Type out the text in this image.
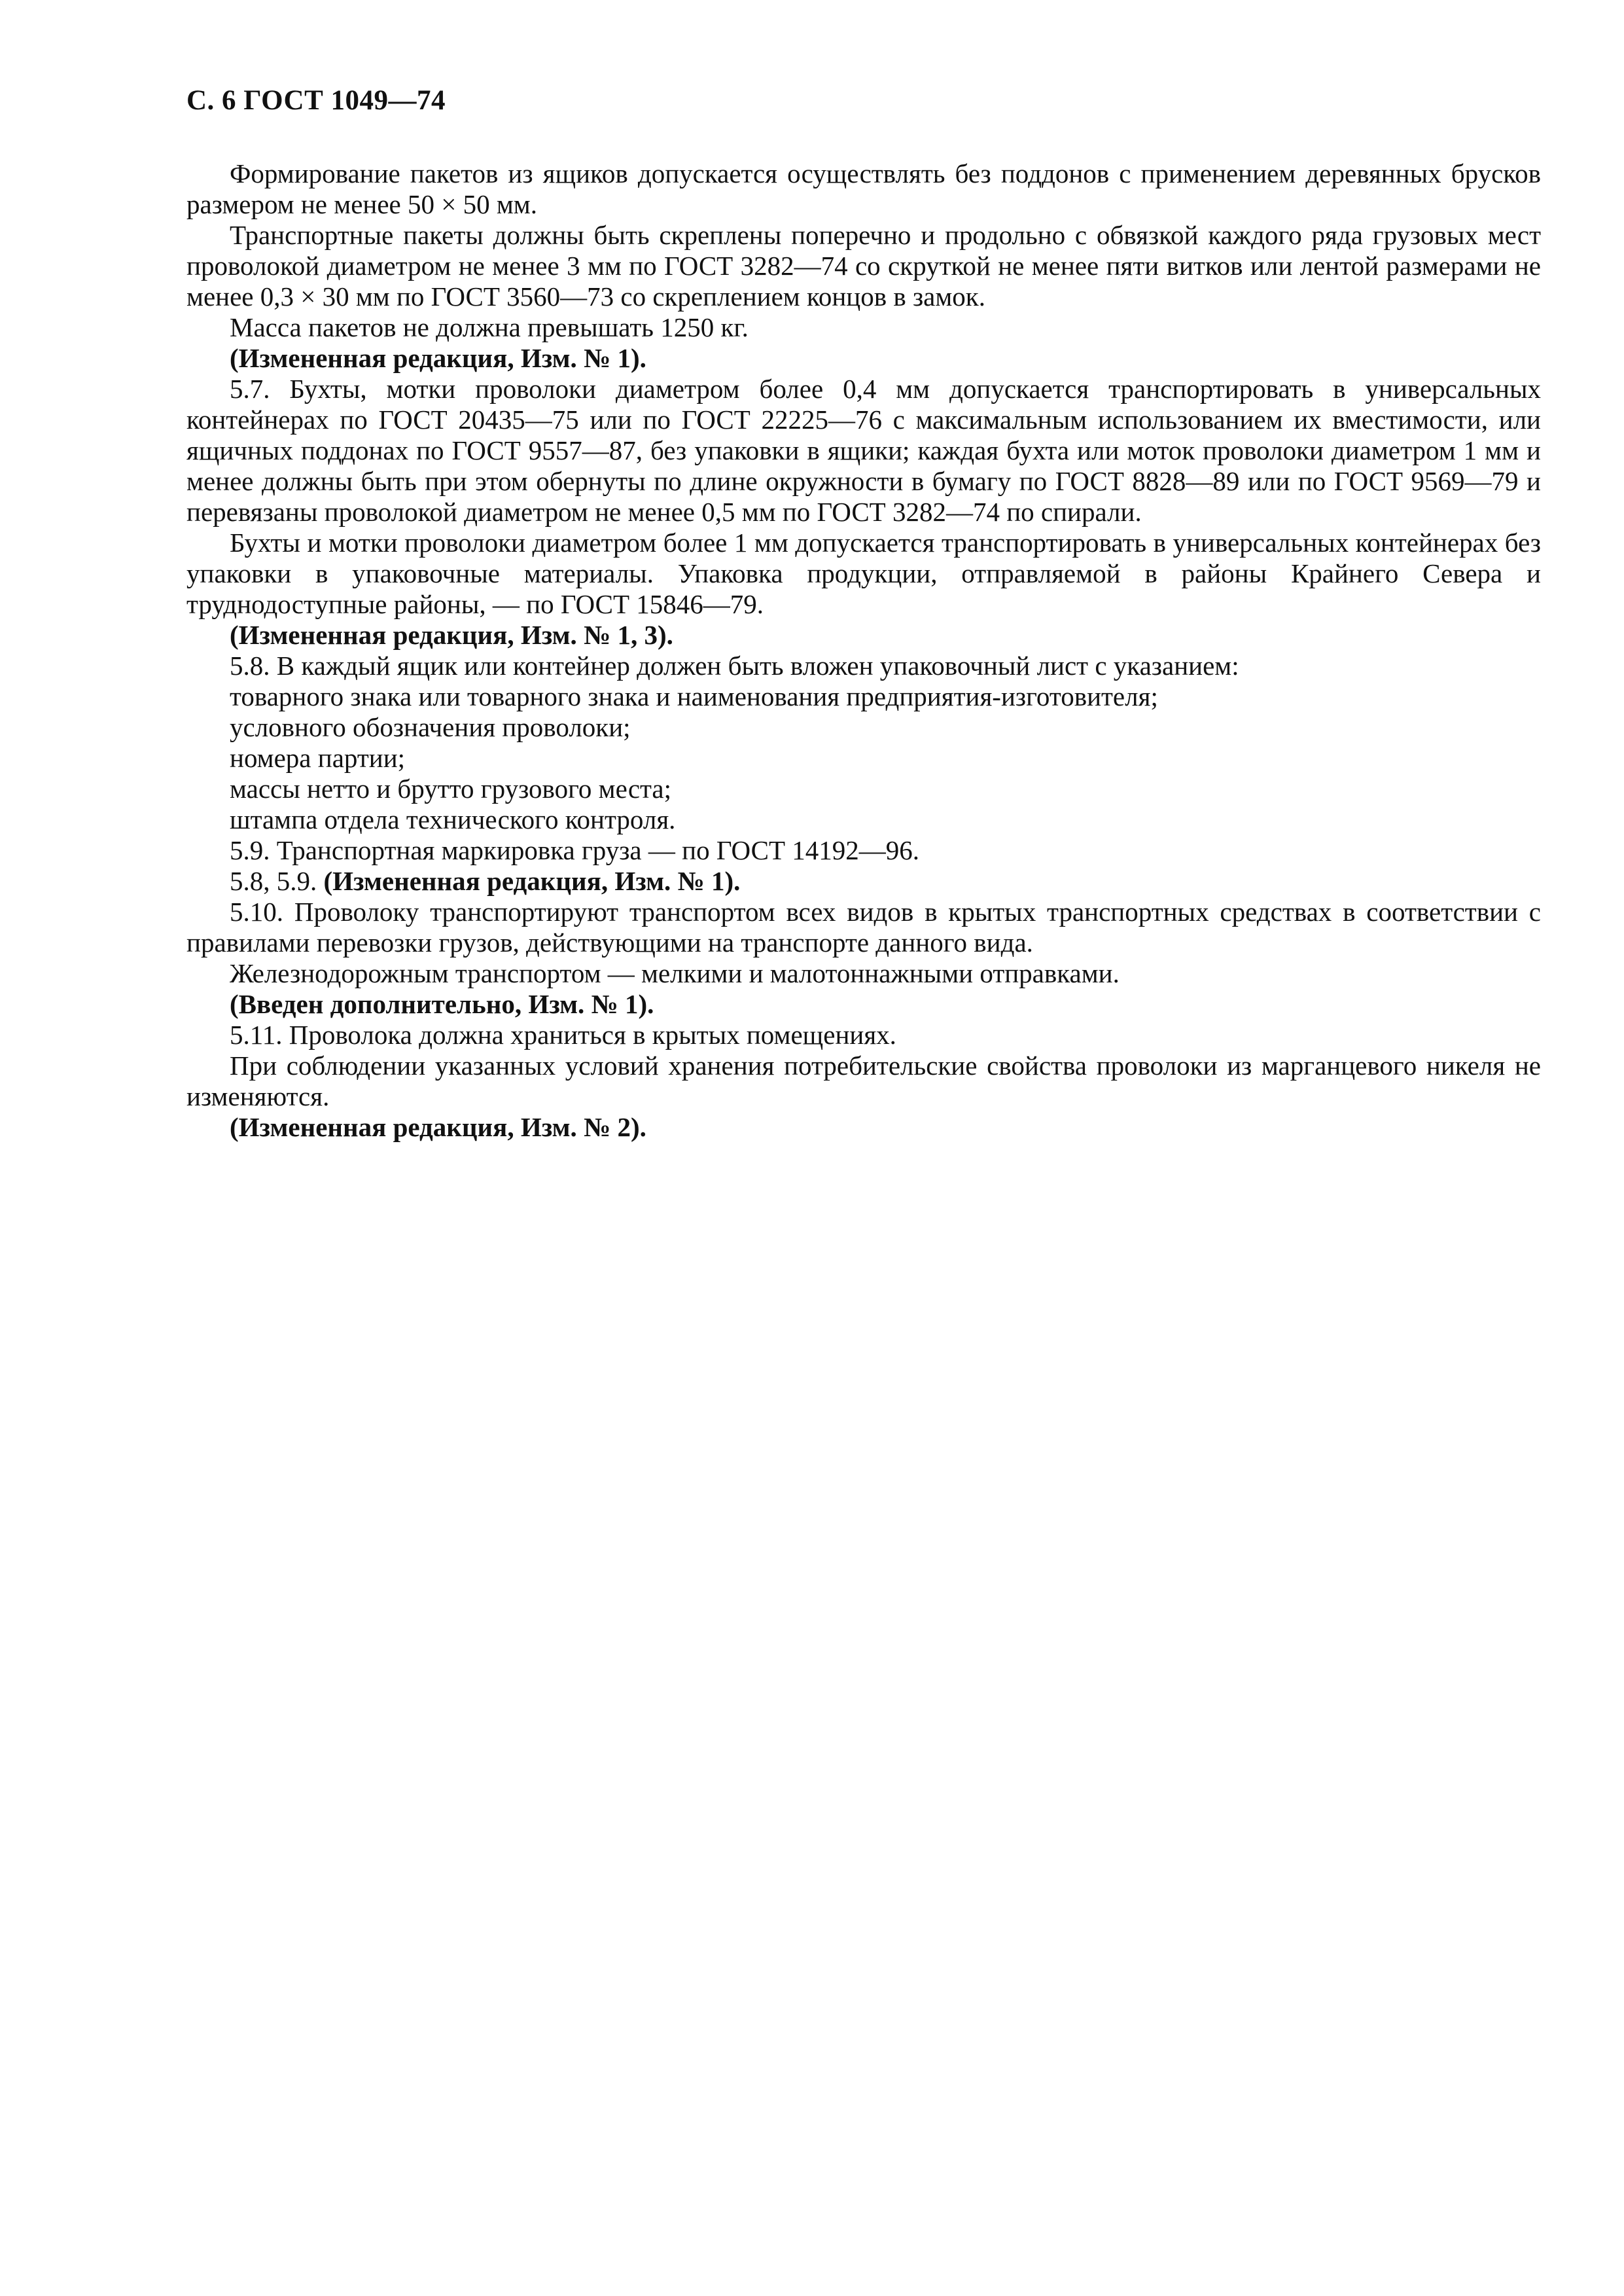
С. 6 ГОСТ 1049—74

Формирование пакетов из ящиков допускается осуществлять без поддонов с применением деревянных брусков размером не менее 50 × 50 мм.

Транспортные пакеты должны быть скреплены поперечно и продольно с обвязкой каждого ряда грузовых мест проволокой диаметром не менее 3 мм по ГОСТ 3282—74 со скруткой не менее пяти витков или лентой размерами не менее 0,3 × 30 мм по ГОСТ 3560—73 со скреплением концов в замок.

Масса пакетов не должна превышать 1250 кг.

(Измененная редакция, Изм. № 1).

5.7. Бухты, мотки проволоки диаметром более 0,4 мм допускается транспортировать в универсальных контейнерах по ГОСТ 20435—75 или по ГОСТ 22225—76 с максимальным использованием их вместимости, или ящичных поддонах по ГОСТ 9557—87, без упаковки в ящики; каждая бухта или моток проволоки диаметром 1 мм и менее должны быть при этом обернуты по длине окружности в бумагу по ГОСТ 8828—89 или по ГОСТ 9569—79 и перевязаны проволокой диаметром не менее 0,5 мм по ГОСТ 3282—74 по спирали.

Бухты и мотки проволоки диаметром более 1 мм допускается транспортировать в универсальных контейнерах без упаковки в упаковочные материалы. Упаковка продукции, отправляемой в районы Крайнего Севера и труднодоступные районы, — по ГОСТ 15846—79.

(Измененная редакция, Изм. № 1, 3).

5.8. В каждый ящик или контейнер должен быть вложен упаковочный лист с указанием:

товарного знака или товарного знака и наименования предприятия-изготовителя;

условного обозначения проволоки;

номера партии;

массы нетто и брутто грузового места;

штампа отдела технического контроля.

5.9. Транспортная маркировка груза — по ГОСТ 14192—96.

5.8, 5.9. (Измененная редакция, Изм. № 1).

5.10. Проволоку транспортируют транспортом всех видов в крытых транспортных средствах в соответствии с правилами перевозки грузов, действующими на транспорте данного вида.

Железнодорожным транспортом — мелкими и малотоннажными отправками.

(Введен дополнительно, Изм. № 1).

5.11. Проволока должна храниться в крытых помещениях.

При соблюдении указанных условий хранения потребительские свойства проволоки из марганцевого никеля не изменяются.

(Измененная редакция, Изм. № 2).
